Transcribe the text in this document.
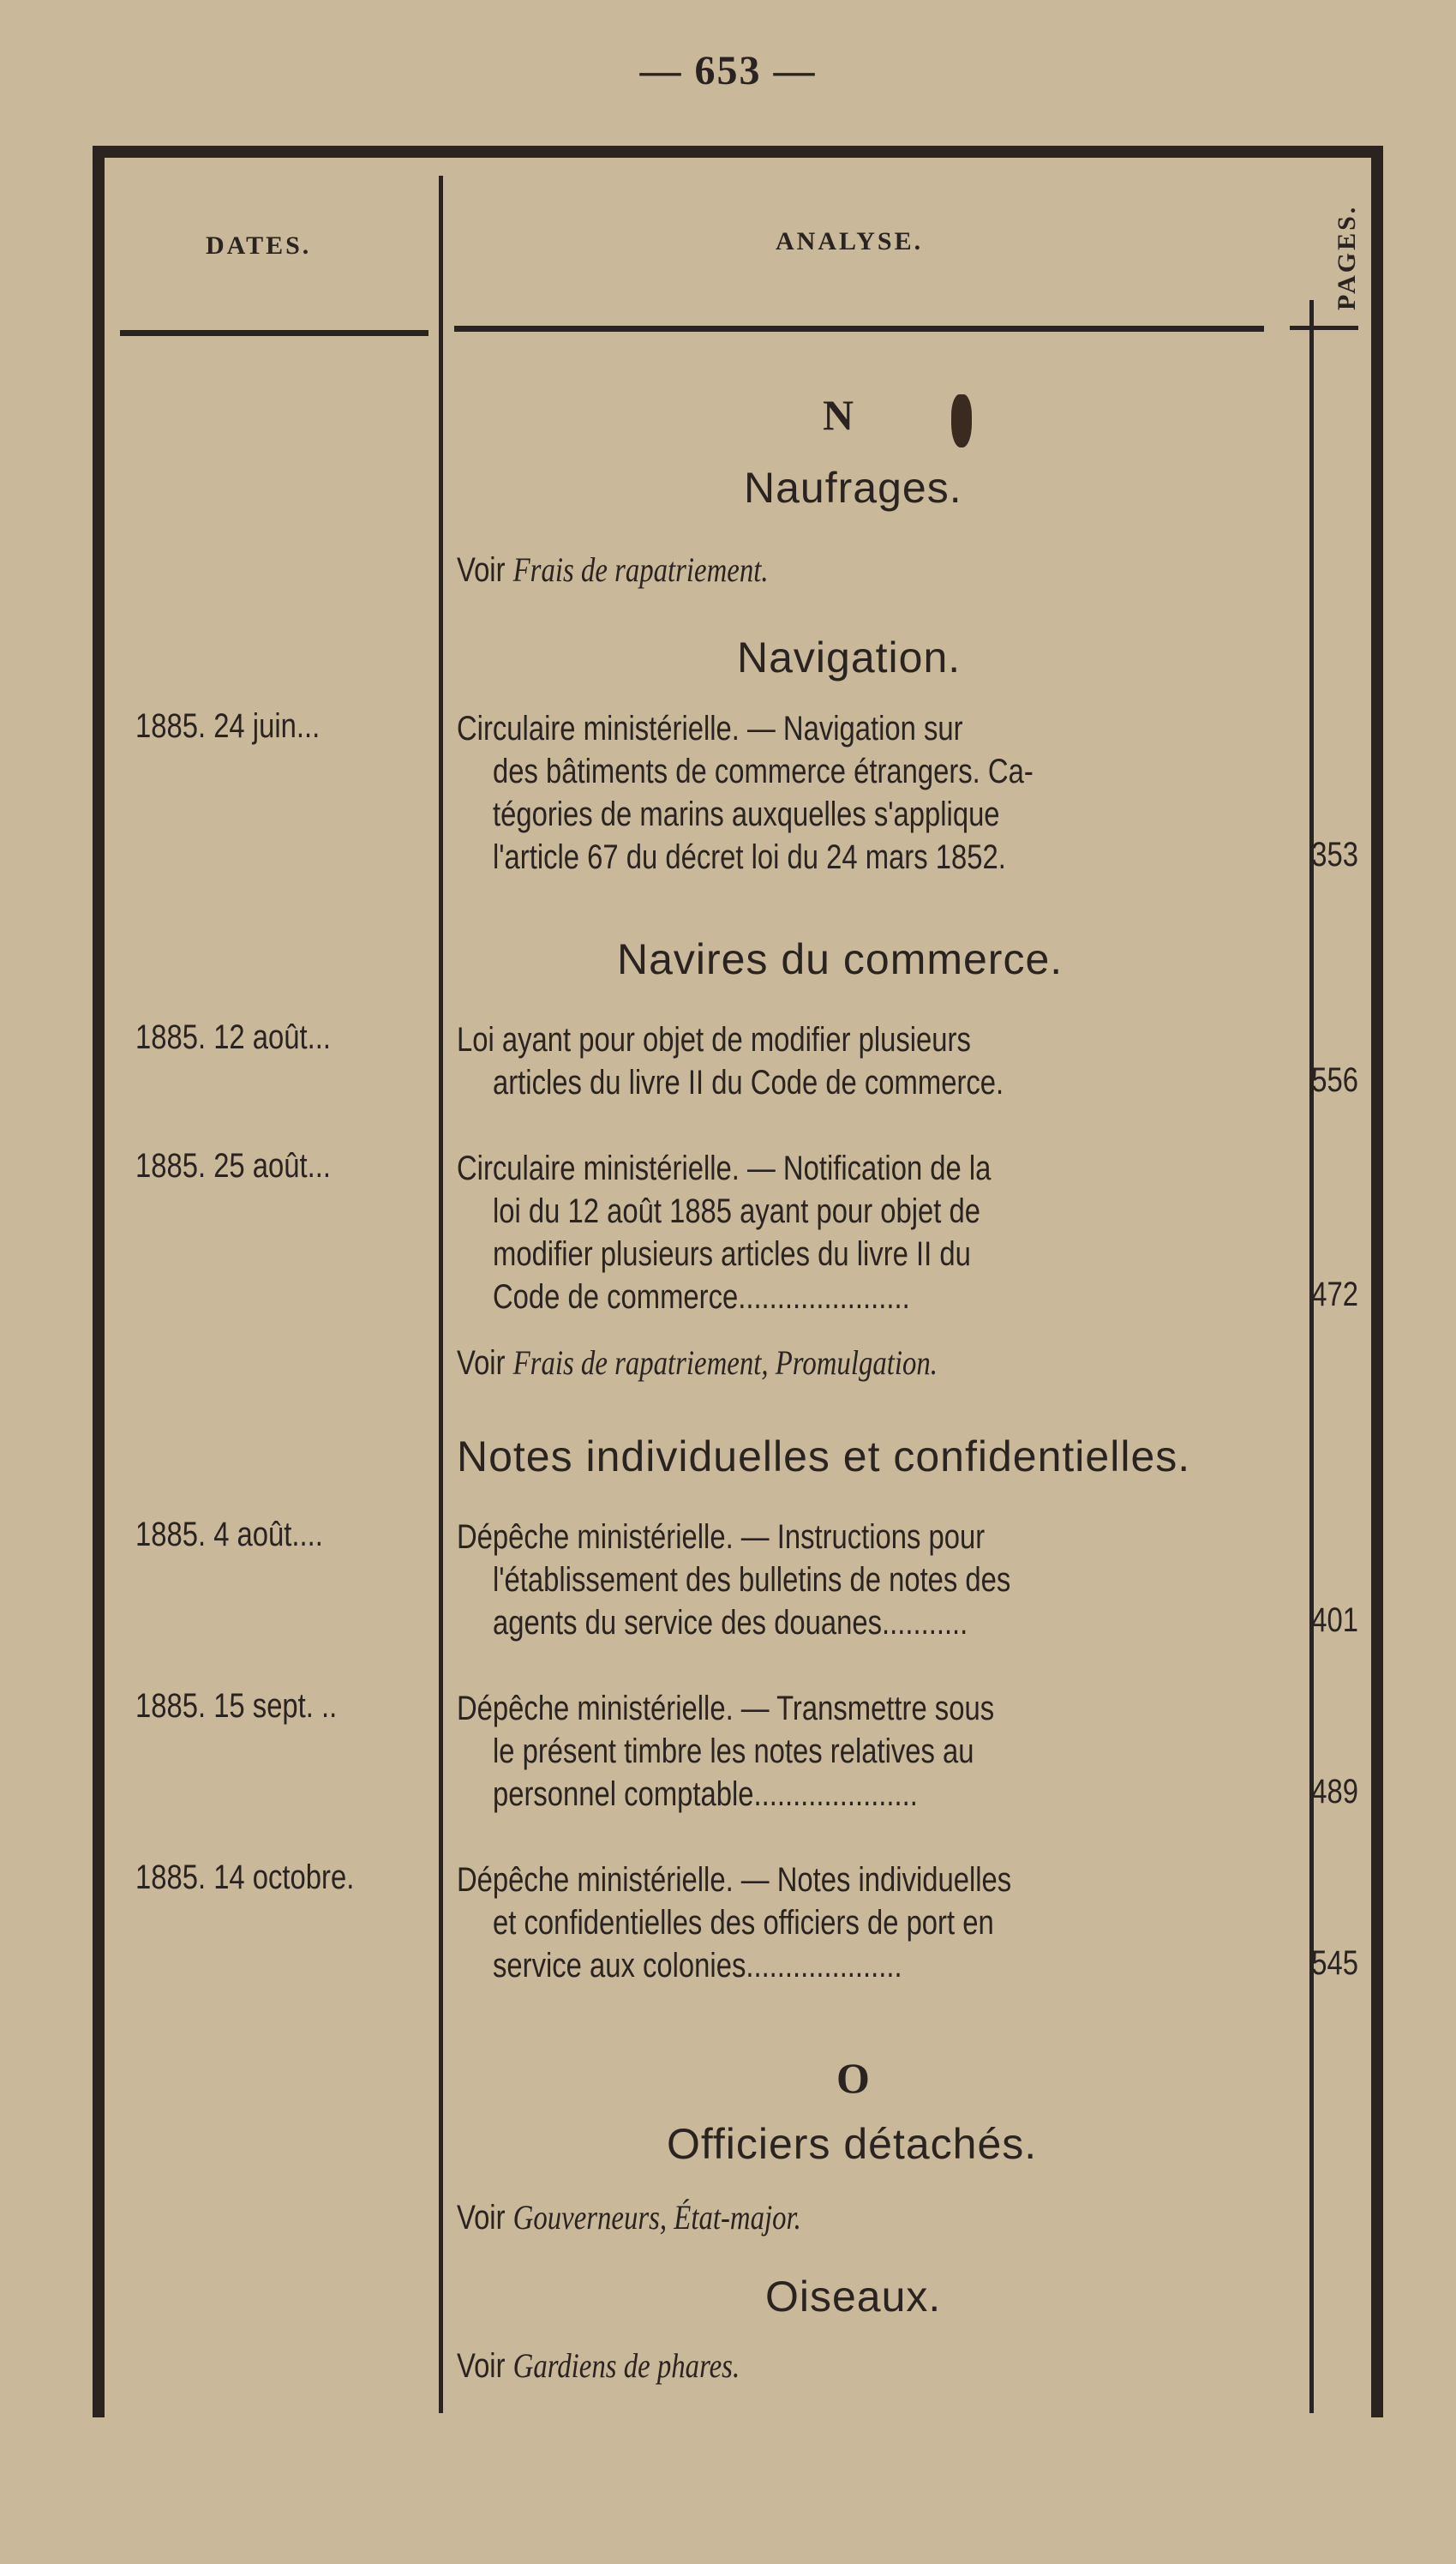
— 653 —
DATES.	ANALYSE.	PAGES.
N
Naufrages.
Voir Frais de rapatriement.
Navigation.
1885. 24 juin...	Circulaire ministérielle. — Navigation sur
des bâtiments de commerce étrangers. Ca-
tégories de marins auxquelles s'applique
l'article 67 du décret loi du 24 mars 1852.	353
Navires du commerce.
1885. 12 août...	Loi ayant pour objet de modifier plusieurs
articles du livre II du Code de commerce.	556
1885. 25 août...	Circulaire ministérielle. — Notification de la
loi du 12 août 1885 ayant pour objet de
modifier plusieurs articles du livre II du
Code de commerce......................	472
Voir Frais de rapatriement, Promulgation.
Notes individuelles et confidentielles.
1885. 4 août....	Dépêche ministérielle. — Instructions pour
l'établissement des bulletins de notes des
agents du service des douanes...........	401
1885. 15 sept. ..	Dépêche ministérielle. — Transmettre sous
le présent timbre les notes relatives au
personnel comptable.....................	489
1885. 14 octobre.	Dépêche ministérielle. — Notes individuelles
et confidentielles des officiers de port en
service aux colonies....................	545
O
Officiers détachés.
Voir Gouverneurs, État-major.
Oiseaux.
Voir Gardiens de phares.
